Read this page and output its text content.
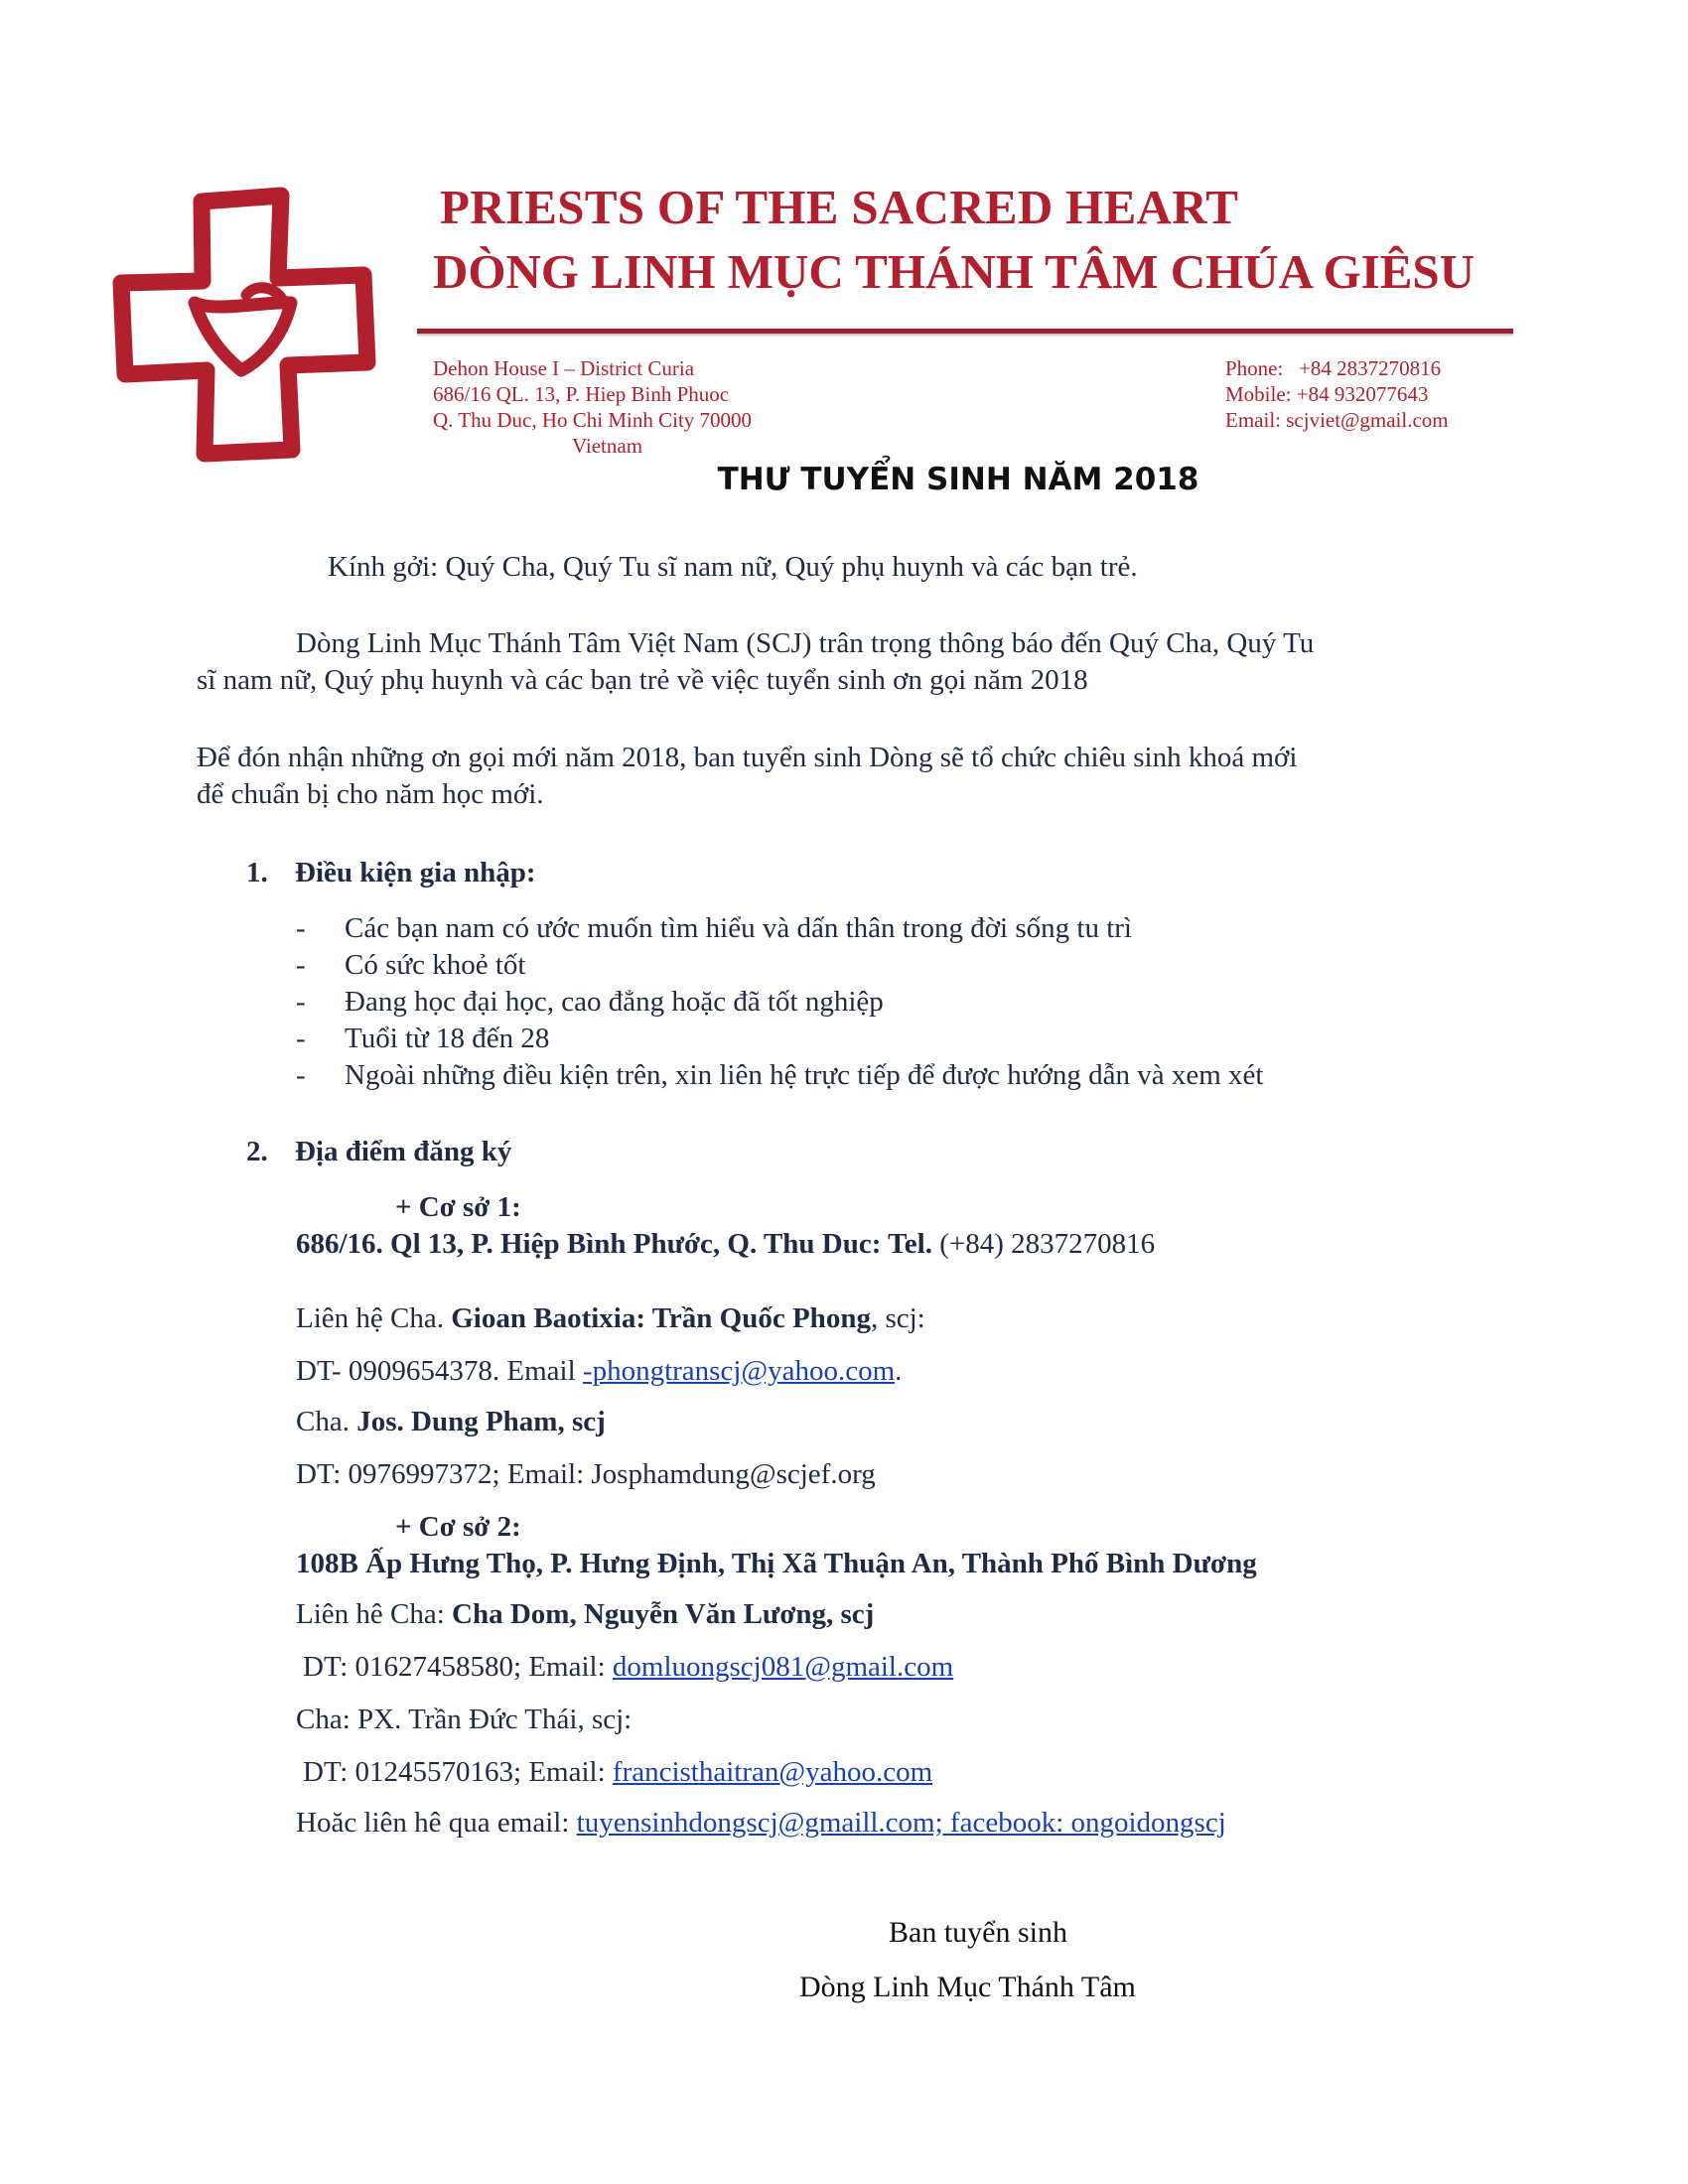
PRIESTS OF THE SACRED HEART
DÒNG LINH MỤC THÁNH TÂM CHÚA GIÊSU
Dehon House I – District Curia
686/16 QL. 13, P. Hiep Binh Phuoc
Q. Thu Duc, Ho Chi Minh City 70000
Vietnam
Phone:   +84 2837270816
Mobile: +84 932077643
Email: scjviet@gmail.com
THƯ TUYỂN SINH NĂM 2018
Kính gởi: Quý Cha, Quý Tu sĩ nam nữ, Quý phụ huynh và các bạn trẻ.
Dòng Linh Mục Thánh Tâm Việt Nam (SCJ) trân trọng thông báo đến Quý Cha, Quý Tu
sĩ nam nữ, Quý phụ huynh và các bạn trẻ về việc tuyển sinh ơn gọi năm 2018
Để đón nhận những ơn gọi mới năm 2018, ban tuyển sinh Dòng sẽ tổ chức chiêu sinh khoá mới
để chuẩn bị cho năm học mới.
1. Điều kiện gia nhập:
- Các bạn nam có ước muốn tìm hiểu và dấn thân trong đời sống tu trì
- Có sức khoẻ tốt
- Đang học đại học, cao đẳng hoặc đã tốt nghiệp
- Tuổi từ 18 đến 28
- Ngoài những điều kiện trên, xin liên hệ trực tiếp để được hướng dẫn và xem xét
2. Địa điểm đăng ký
+ Cơ sở 1:
686/16. Ql 13, P. Hiệp Bình Phước, Q. Thu Duc: Tel. (+84) 2837270816
Liên hệ Cha. Gioan Baotixia: Trần Quốc Phong, scj:
DT- 0909654378. Email -phongtranscj@yahoo.com.
Cha. Jos. Dung Pham, scj
DT: 0976997372; Email: Josphamdung@scjef.org
+ Cơ sở 2:
108B Ấp Hưng Thọ, P. Hưng Định, Thị Xã Thuận An, Thành Phố Bình Dương
Liên hê Cha: Cha Dom, Nguyễn Văn Lương, scj
DT: 01627458580; Email: domluongscj081@gmail.com
Cha: PX. Trần Đức Thái, scj:
DT: 01245570163; Email: francisthaitran@yahoo.com
Hoăc liên hê qua email: tuyensinhdongscj@gmaill.com; facebook: ongoidongscj
Ban tuyển sinh
Dòng Linh Mục Thánh Tâm
